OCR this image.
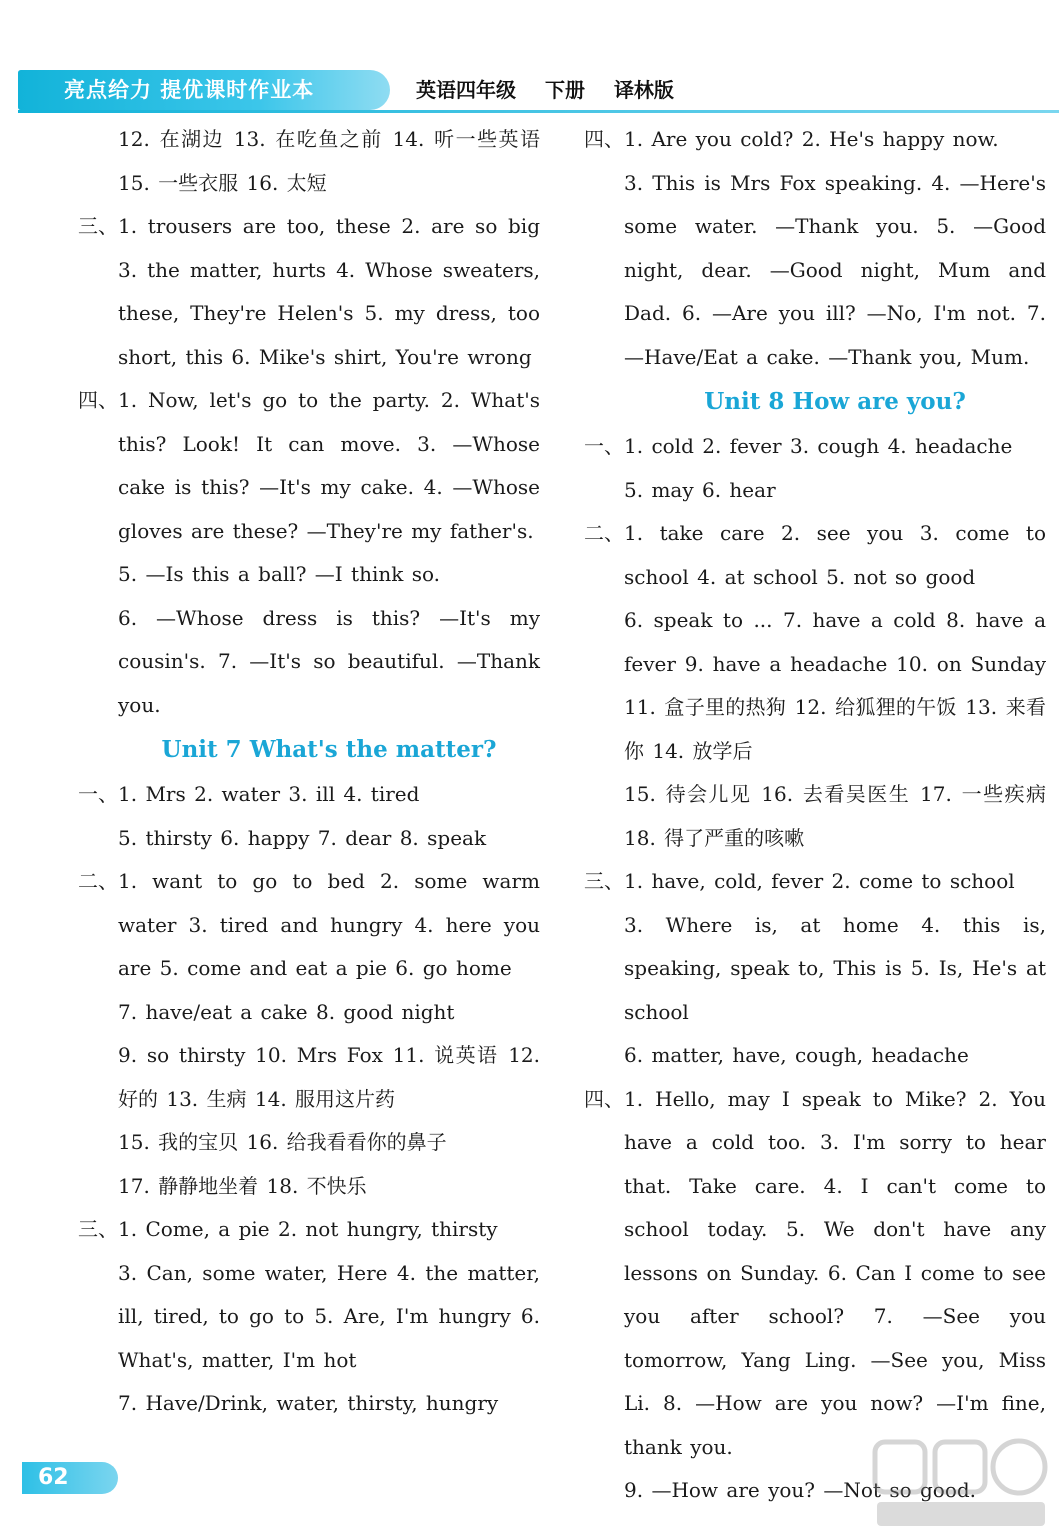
亮点给力 提优课时作业本	英语四年级 下册 译林版

12. 在湖边 13. 在吃鱼之前 14. 听一些英语 15. 一些衣服 16. 太短

三、 1. trousers are too, these 2. are so big 3. the matter, hurts 4. Whose sweaters, these, They're Helen's 5. my dress, too short, this 6. Mike's shirt, You're wrong

四、 1. Now, let's go to the party. 2. What's this? Look! It can move. 3. —Whose cake is this? —It's my cake. 4. —Whose gloves are these? —They're my father's.

5. —Is this a ball? —I think so.

6. —Whose dress is this? —It's my cousin's. 7. —It's so beautiful. —Thank you.

Unit 7 What's the matter?

一、 1. Mrs 2. water 3. ill 4. tired

5. thirsty 6. happy 7. dear 8. speak

二、 1. want to go to bed 2. some warm water 3. tired and hungry 4. here you are 5. come and eat a pie 6. go home

7. have/eat a cake 8. good night

9. so thirsty 10. Mrs Fox 11. 说英语 12. 好的 13. 生病 14. 服用这片药

15. 我的宝贝 16. 给我看看你的鼻子

17. 静静地坐着 18. 不快乐

三、 1. Come, a pie 2. not hungry, thirsty

3. Can, some water, Here 4. the matter, ill, tired, to go to 5. Are, I'm hungry 6. What's, matter, I'm hot

7. Have/Drink, water, thirsty, hungry

四、 1. Are you cold? 2. He's happy now.

3. This is Mrs Fox speaking. 4. —Here's some water. —Thank you. 5. —Good night, dear. —Good night, Mum and Dad. 6. —Are you ill? —No, I'm not. 7. —Have/Eat a cake. —Thank you, Mum.

Unit 8 How are you?

一、 1. cold 2. fever 3. cough 4. headache

5. may 6. hear

二、 1. take care 2. see you 3. come to school 4. at school 5. not so good

6. speak to ... 7. have a cold 8. have a fever 9. have a headache 10. on Sunday 11. 盒子里的热狗 12. 给狐狸的午饭 13. 来看你 14. 放学后

15. 待会儿见 16. 去看吴医生 17. 一些疾病 18. 得了严重的咳嗽

三、 1. have, cold, fever 2. come to school

3. Where is, at home 4. this is, speaking, speak to, This is 5. Is, He's at school

6. matter, have, cough, headache

四、 1. Hello, may I speak to Mike? 2. You have a cold too. 3. I'm sorry to hear that. Take care. 4. I can't come to school today. 5. We don't have any lessons on Sunday. 6. Can I come to see you after school? 7. —See you tomorrow, Yang Ling. —See you, Miss Li. 8. —How are you now? —I'm fine, thank you.

9. —How are you? —Not so good.

62
